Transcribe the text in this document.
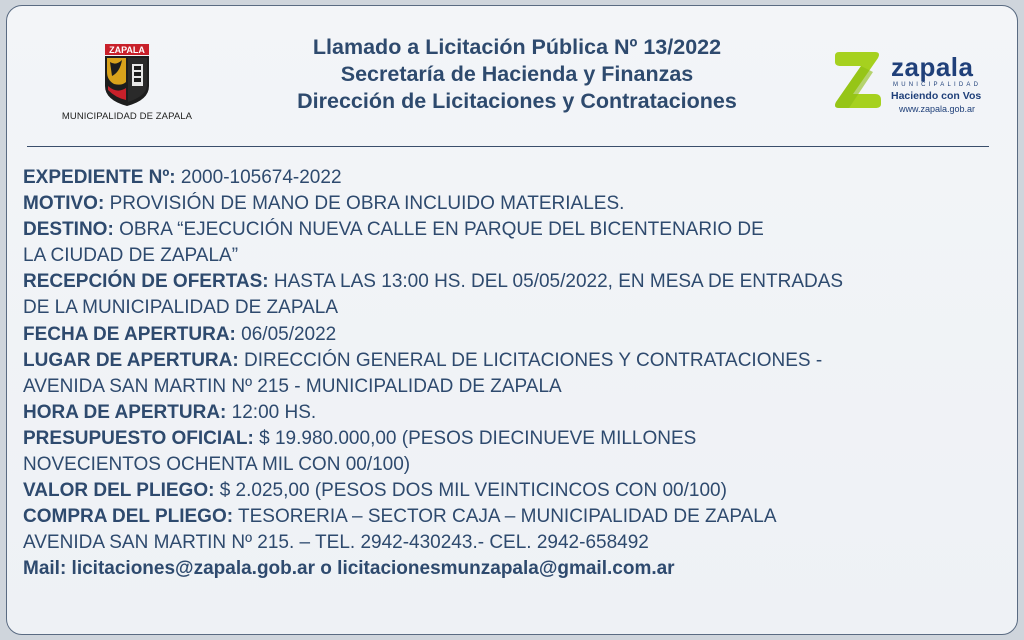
ZAPALA
MUNICIPALIDAD DE ZAPALA
Llamado a Licitación Pública Nº 13/2022
Secretaría de Hacienda y Finanzas
Dirección de Licitaciones y Contrataciones
zapala
MUNICIPALIDAD
Haciendo con Vos
www.zapala.gob.ar

EXPEDIENTE Nº: 2000-105674-2022

MOTIVO: PROVISIÓN DE MANO DE OBRA INCLUIDO MATERIALES.

DESTINO: OBRA “EJECUCIÓN NUEVA CALLE EN PARQUE DEL BICENTENARIO DE

LA CIUDAD DE ZAPALA”

RECEPCIÓN DE OFERTAS: HASTA LAS 13:00 HS. DEL 05/05/2022, EN MESA DE ENTRADAS

DE LA MUNICIPALIDAD DE ZAPALA

FECHA DE APERTURA: 06/05/2022

LUGAR DE APERTURA: DIRECCIÓN GENERAL DE LICITACIONES Y CONTRATACIONES -

AVENIDA SAN MARTIN Nº 215 - MUNICIPALIDAD DE ZAPALA

HORA DE APERTURA: 12:00 HS.

PRESUPUESTO OFICIAL: $ 19.980.000,00 (PESOS DIECINUEVE MILLONES

NOVECIENTOS OCHENTA MIL CON 00/100)

VALOR DEL PLIEGO: $ 2.025,00 (PESOS DOS MIL VEINTICINCOS CON 00/100)

COMPRA DEL PLIEGO: TESORERIA – SECTOR CAJA – MUNICIPALIDAD DE ZAPALA

AVENIDA SAN MARTIN Nº 215. – TEL. 2942-430243.- CEL. 2942-658492

Mail: licitaciones@zapala.gob.ar o licitacionesmunzapala@gmail.com.ar
